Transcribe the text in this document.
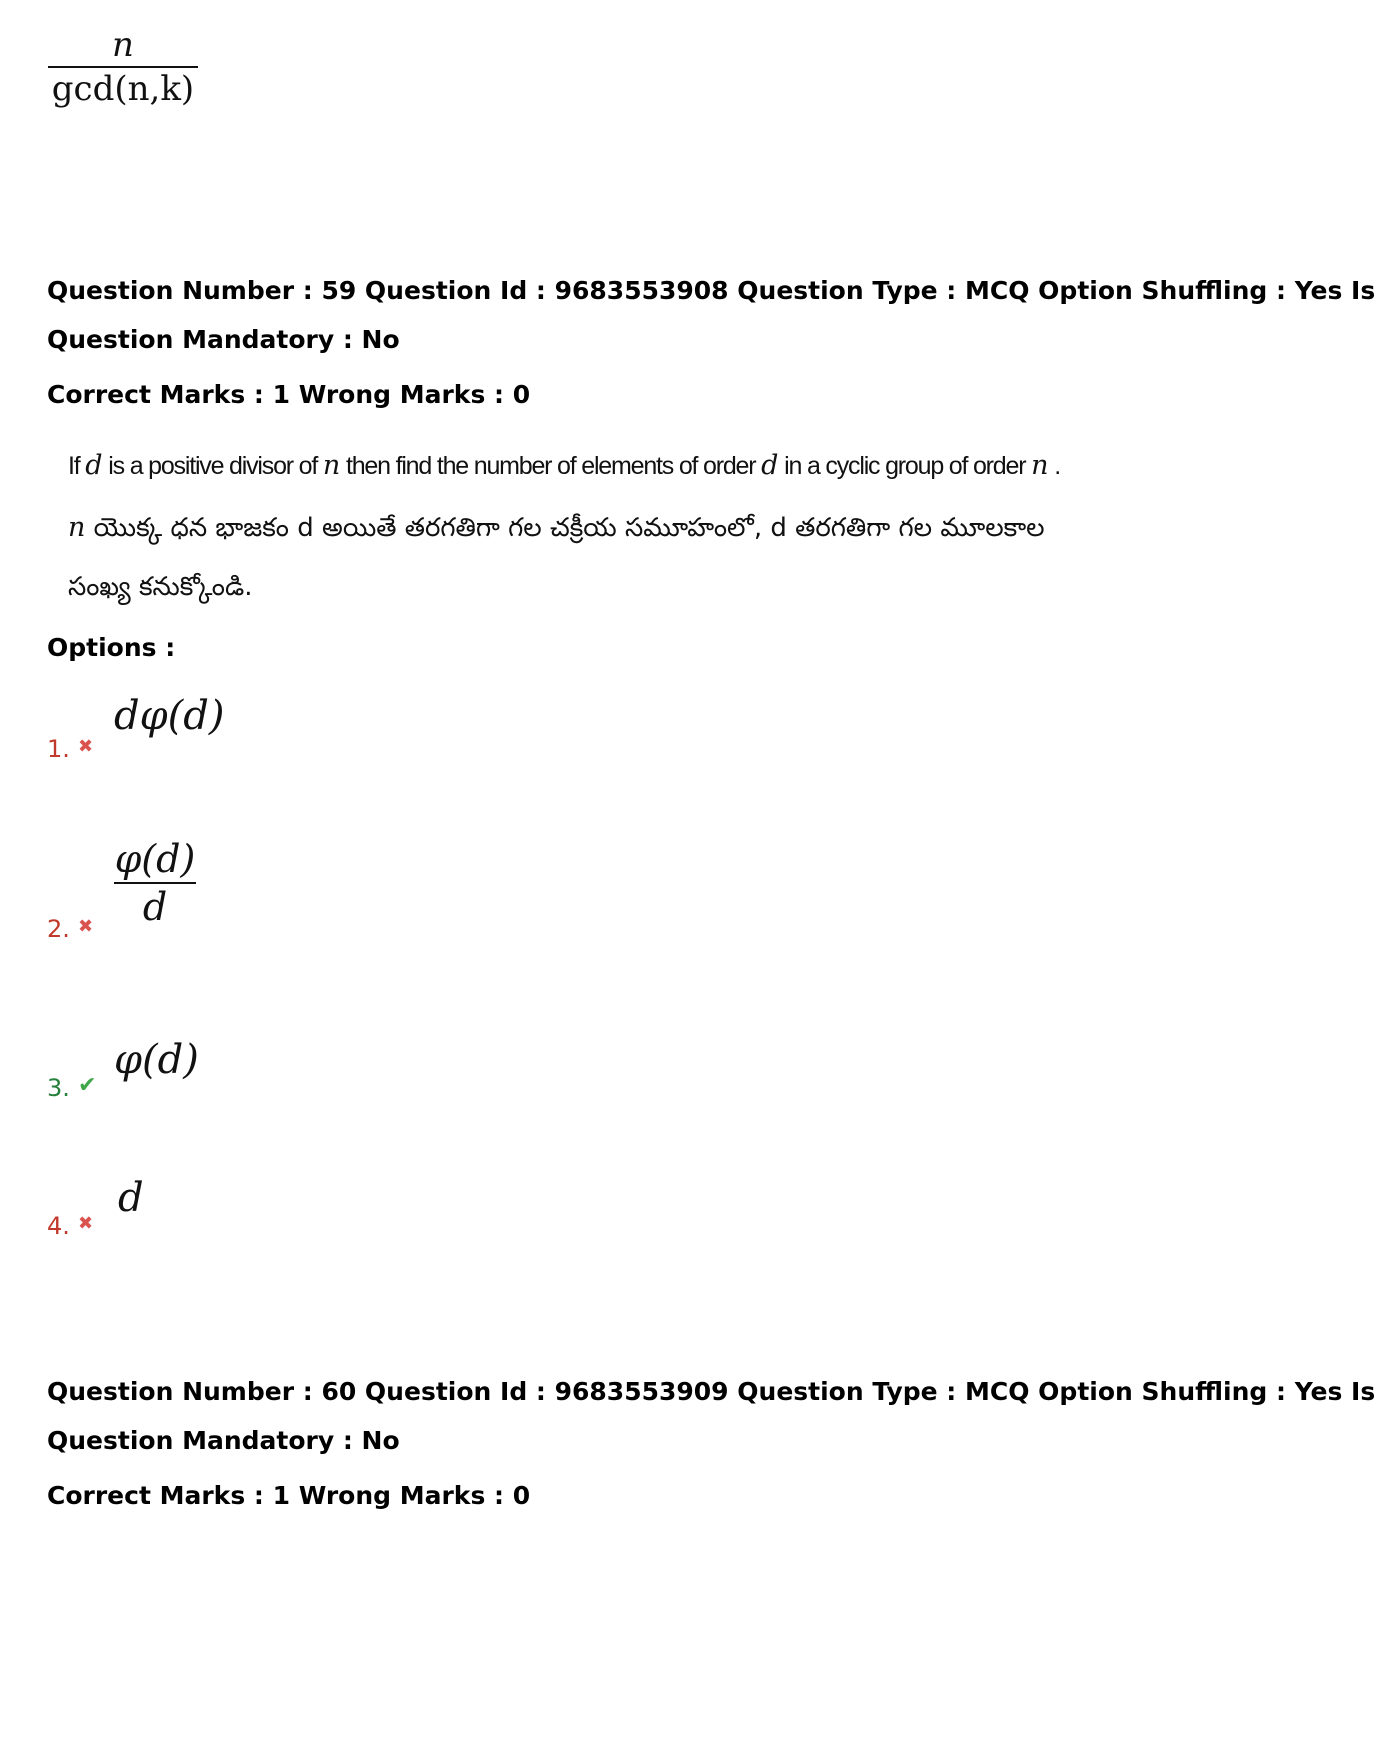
n
gcd(n,k)
Question Number : 59 Question Id : 9683553908 Question Type : MCQ Option Shuffling : Yes Is
Question Mandatory : No
Correct Marks : 1 Wrong Marks : 0
If d is a positive divisor of n then find the number of elements of order d in a cyclic group of order n .
n యొక్క ధన భాజకం d అయితే తరగతిగా గల చక్రీయ సమూహంలో, d తరగతిగా గల మూలకాల
సంఖ్య కనుక్కోండి.
Options :
dφ(d)
1. ✖
φ(d)
d
2. ✖
φ(d)
3. ✔
d
4. ✖
Question Number : 60 Question Id : 9683553909 Question Type : MCQ Option Shuffling : Yes Is
Question Mandatory : No
Correct Marks : 1 Wrong Marks : 0
